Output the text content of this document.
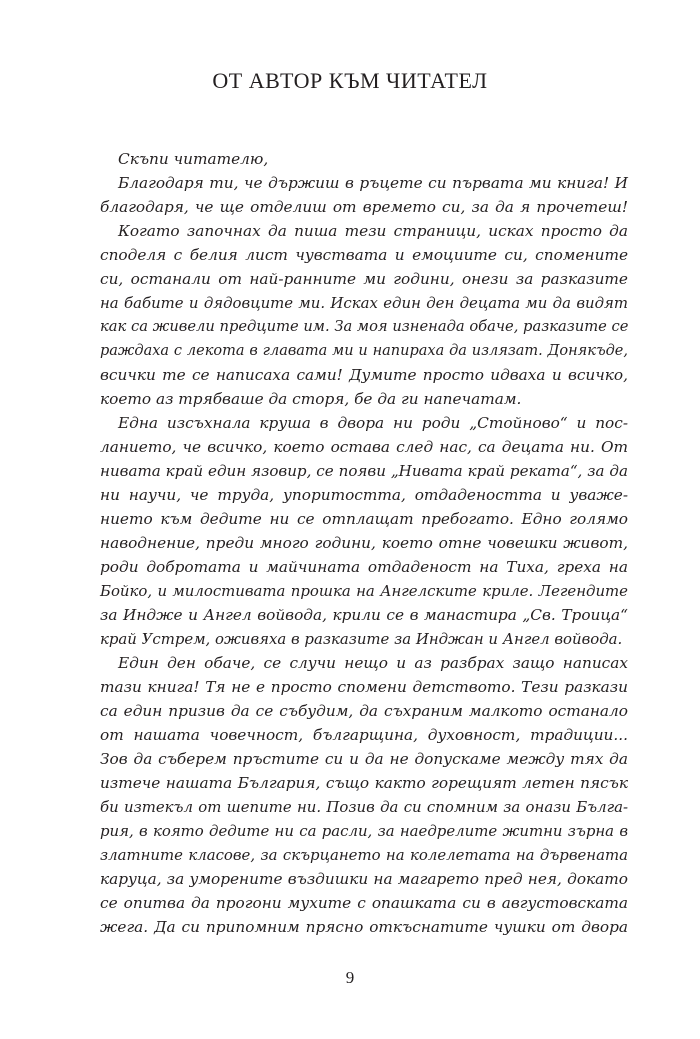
ОТ АВТОР КЪМ ЧИТАТЕЛ
Скъпи читателю,
Благодаря ти, че държиш в ръцете си първата ми книга! И
благодаря, че ще отделиш от времето си, за да я прочетеш!
Когато започнах да пиша тези страници, исках просто да
споделя с белия лист чувствата и емоциите си, спомените
си, останали от най-ранните ми години, онези за разказите
на бабите и дядовците ми. Исках един ден децата ми да видят
как са живели предците им. За моя изненада обаче, разказите се
раждаха с лекота в главата ми и напираха да излязат. Донякъде,
всички те се написаха сами! Думите просто идваха и всичко,
което аз трябваше да сторя, бе да ги напечатам.
Една изсъхнала круша в двора ни роди „Стойново“ и пос-
ланието, че всичко, което остава след нас, са децата ни. От
нивата край един язовир, се появи „Нивата край реката“, за да
ни научи, че труда, упоритостта, отдадеността и уваже-
нието към дедите ни се отплащат пребогато. Едно голямо
наводнение, преди много години, което отне човешки живот,
роди добротата и майчината отдаденост на Тиха, греха на
Бойко, и милостивата прошка на Ангелските криле. Легендите
за Индже и Ангел войвода, крили се в манастира „Св. Троица“
край Устрем, оживяха в разказите за Инджан и Ангел войвода.
Един ден обаче, се случи нещо и аз разбрах защо написах
тази книга! Тя не е просто спомени детството. Тези разкази
са един призив да се събудим, да съхраним малкото останало
от нашата човечност, българщина, духовност, традиции...
Зов да съберем пръстите си и да не допускаме между тях да
изтече нашата България, също както горещият летен пясък
би изтекъл от шепите ни. Позив да си спомним за онази Бълга-
рия, в която дедите ни са расли, за наедрелите житни зърна в
златните класове, за скърцането на колелетата на дървената
каруца, за уморените въздишки на магарето пред нея, докато
се опитва да прогони мухите с опашката си в августовската
жега. Да си припомним прясно откъснатите чушки от двора
9
